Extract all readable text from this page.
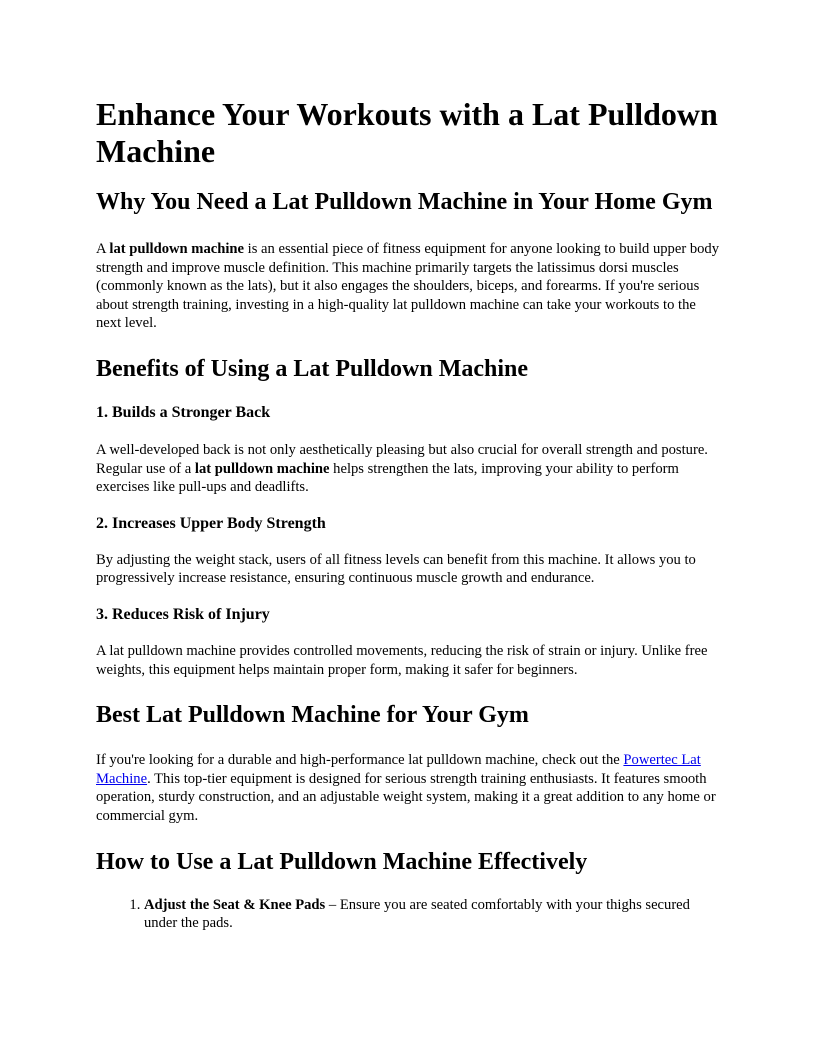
Enhance Your Workouts with a Lat Pulldown Machine
Why You Need a Lat Pulldown Machine in Your Home Gym

A lat pulldown machine is an essential piece of fitness equipment for anyone looking to build upper body strength and improve muscle definition. This machine primarily targets the latissimus dorsi muscles (commonly known as the lats), but it also engages the shoulders, biceps, and forearms. If you're serious about strength training, investing in a high-quality lat pulldown machine can take your workouts to the next level.

Benefits of Using a Lat Pulldown Machine
1. Builds a Stronger Back

A well-developed back is not only aesthetically pleasing but also crucial for overall strength and posture. Regular use of a lat pulldown machine helps strengthen the lats, improving your ability to perform exercises like pull-ups and deadlifts.

2. Increases Upper Body Strength

By adjusting the weight stack, users of all fitness levels can benefit from this machine. It allows you to progressively increase resistance, ensuring continuous muscle growth and endurance.

3. Reduces Risk of Injury

A lat pulldown machine provides controlled movements, reducing the risk of strain or injury. Unlike free weights, this equipment helps maintain proper form, making it safer for beginners.

Best Lat Pulldown Machine for Your Gym

If you're looking for a durable and high-performance lat pulldown machine, check out the Powertec Lat Machine. This top-tier equipment is designed for serious strength training enthusiasts. It features smooth operation, sturdy construction, and an adjustable weight system, making it a great addition to any home or commercial gym.

How to Use a Lat Pulldown Machine Effectively
1. Adjust the Seat & Knee Pads – Ensure you are seated comfortably with your thighs secured under the pads.
